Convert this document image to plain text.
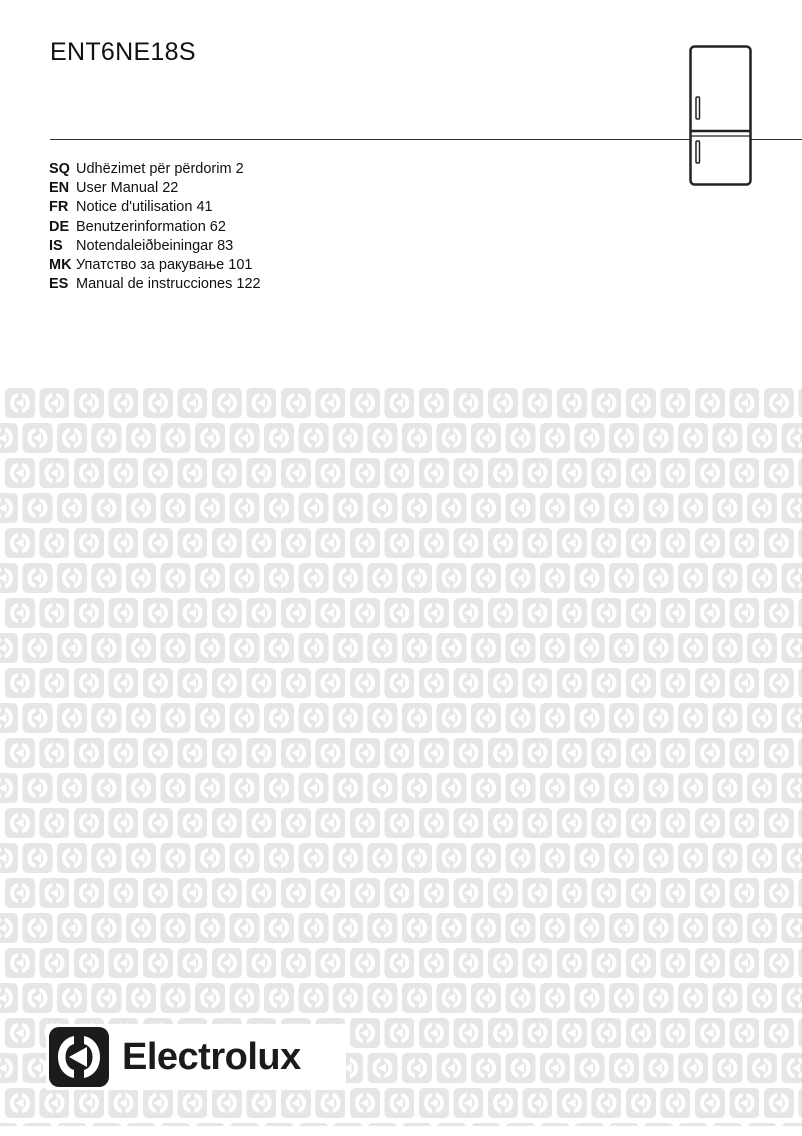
ENT6NE18S
SQ Udhëzimet për përdorim 2
EN User Manual 22
FR Notice d'utilisation 41
DE Benutzerinformation 62
IS Notendaleiðbeiningar 83
MK Упатство за ракување 101
ES Manual de instrucciones 122
Electrolux
